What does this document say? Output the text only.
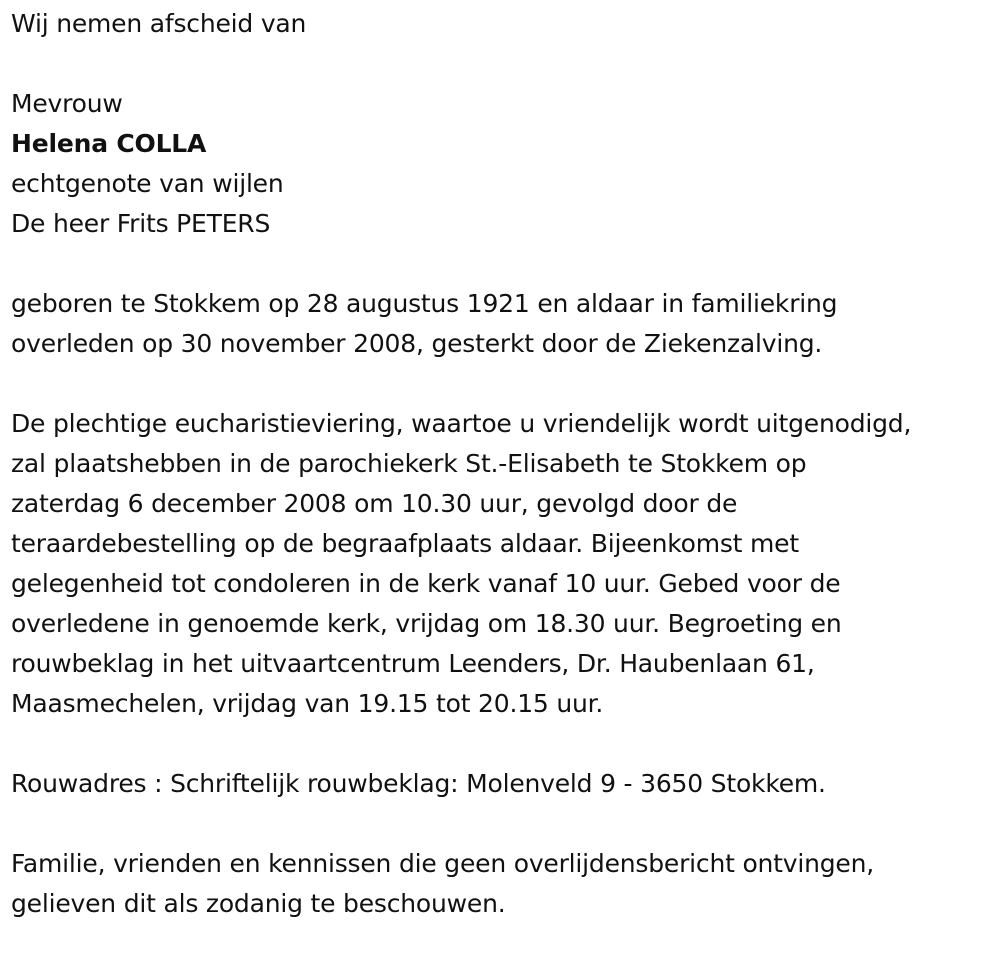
Wij nemen afscheid van
Mevrouw
Helena COLLA
echtgenote van wijlen
De heer Frits PETERS
geboren te Stokkem op 28 augustus 1921 en aldaar in familiekring
overleden op 30 november 2008, gesterkt door de Ziekenzalving.
De plechtige eucharistieviering, waartoe u vriendelijk wordt uitgenodigd,
zal plaatshebben in de parochiekerk St.-Elisabeth te Stokkem op
zaterdag 6 december 2008 om 10.30 uur, gevolgd door de
teraardebestelling op de begraafplaats aldaar. Bijeenkomst met
gelegenheid tot condoleren in de kerk vanaf 10 uur. Gebed voor de
overledene in genoemde kerk, vrijdag om 18.30 uur. Begroeting en
rouwbeklag in het uitvaartcentrum Leenders, Dr. Haubenlaan 61,
Maasmechelen, vrijdag van 19.15 tot 20.15 uur.
Rouwadres : Schriftelijk rouwbeklag: Molenveld 9 - 3650 Stokkem.
Familie, vrienden en kennissen die geen overlijdensbericht ontvingen,
gelieven dit als zodanig te beschouwen.
